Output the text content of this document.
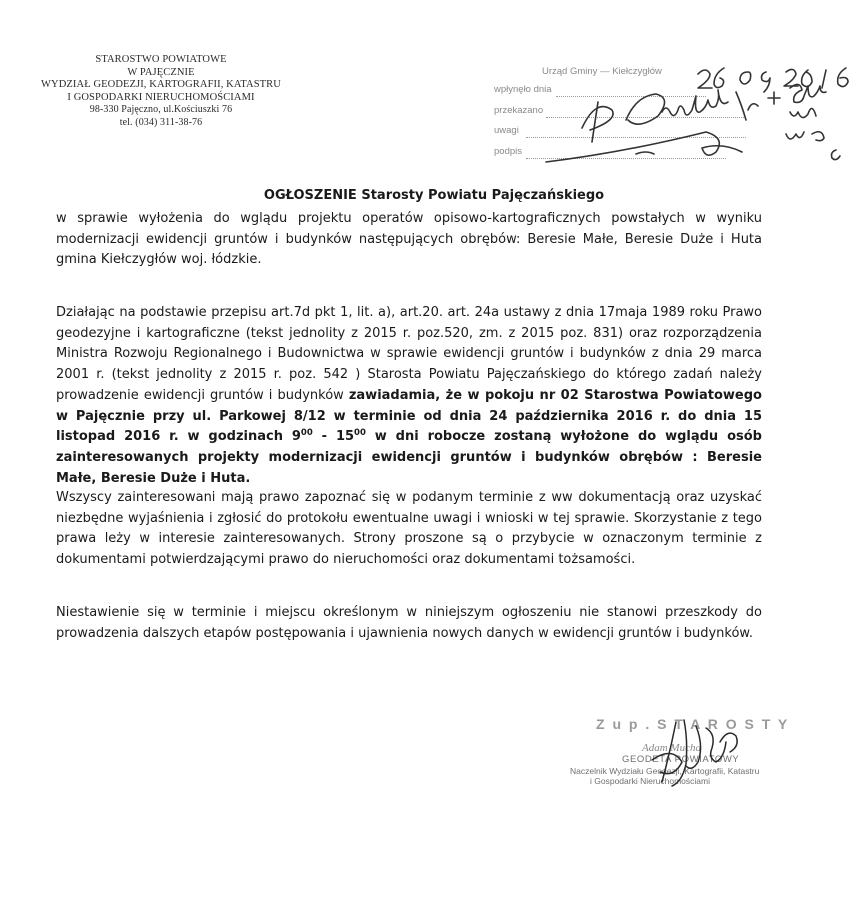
STAROSTWO POWIATOWE
W PAJĘCZNIE
WYDZIAŁ GEODEZJI, KARTOGRAFII, KATASTRU
I GOSPODARKI NIERUCHOMOŚCIAMI
98-330 Pajęczno, ul.Kościuszki 76
tel. (034) 311-38-76
Urząd Gminy — Kiełczygłów
wpłynęło dnia
przekazano
uwagi
podpis
OGŁOSZENIE Starosty Powiatu Pajęczańskiego
w sprawie wyłożenia do wglądu projektu operatów opisowo-kartograficznych powstałych w wyniku
modernizacji ewidencji gruntów i budynków następujących obrębów: Beresie Małe, Beresie Duże i Huta
gmina Kiełczygłów woj. łódzkie.
Działając na podstawie przepisu art.7d pkt 1, lit. a), art.20. art. 24a ustawy z dnia 17maja 1989 roku Prawo geodezyjne i kartograficzne (tekst jednolity z 2015 r. poz.520, zm. z 2015 poz. 831) oraz rozporządzenia Ministra Rozwoju Regionalnego i Budownictwa w sprawie ewidencji gruntów i budynków z dnia 29 marca 2001 r. (tekst jednolity z 2015 r. poz. 542 ) Starosta Powiatu Pajęczańskiego do którego zadań należy prowadzenie ewidencji gruntów i budynków zawiadamia, że w pokoju nr 02 Starostwa Powiatowego w Pajęcznie przy ul. Parkowej 8/12 w terminie od dnia 24 października 2016 r. do dnia 15 listopad 2016 r. w godzinach $9^{00} - 15^{00}$ w dni robocze zostaną wyłożone do wglądu osób zainteresowanych projekty modernizacji ewidencji gruntów i budynków obrębów : Beresie Małe, Beresie Duże i Huta.
Wszyscy zainteresowani mają prawo zapoznać się w podanym terminie z ww dokumentacją oraz uzyskać niezbędne wyjaśnienia i zgłosić do protokołu ewentualne uwagi i wnioski w tej sprawie. Skorzystanie z tego prawa leży w interesie zainteresowanych. Strony proszone są o przybycie w oznaczonym terminie z dokumentami potwierdzającymi prawo do nieruchomości oraz dokumentami tożsamości.
Niestawienie się w terminie i miejscu określonym w niniejszym ogłoszeniu nie stanowi przeszkody do prowadzenia dalszych etapów postępowania i ujawnienia nowych danych w ewidencji gruntów i budynków.
Z u p . S T A R O S T Y
Adam Mucha
GEODETA POWIATOWY
Naczelnik Wydziału Geodezji, Kartografii, Katastru
i Gospodarki Nieruchomościami
